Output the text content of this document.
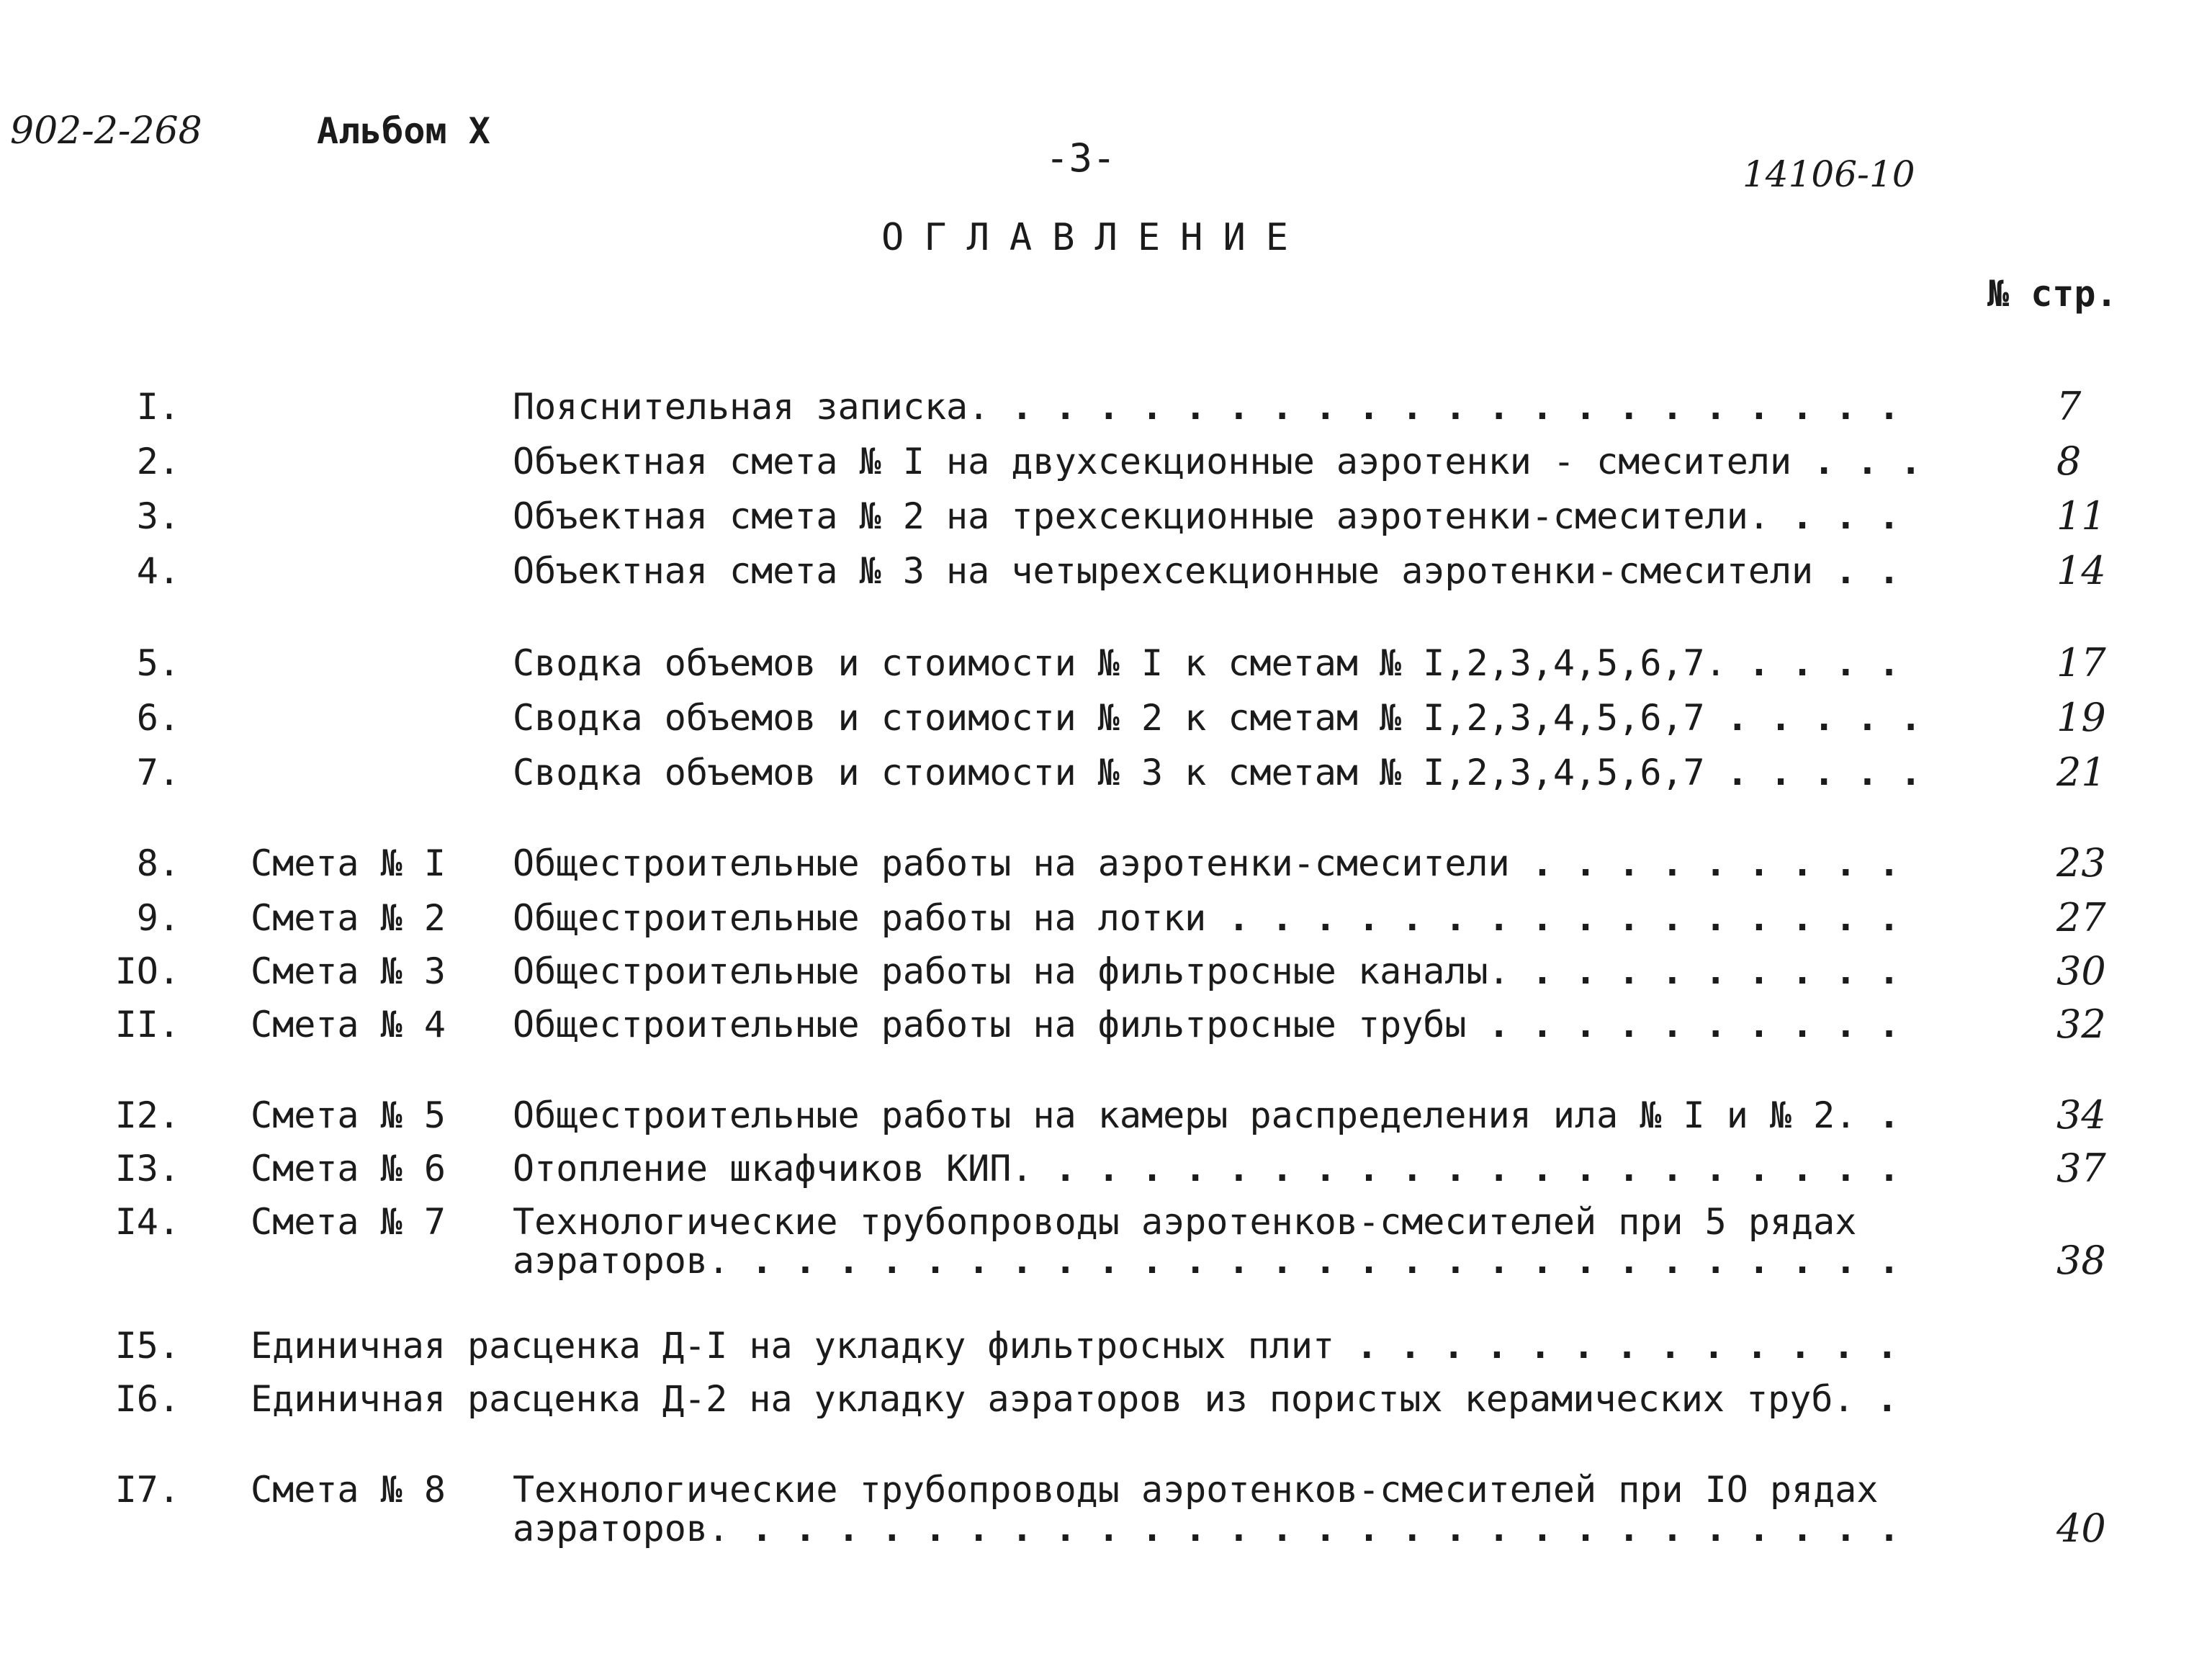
902-2-268	Альбом X
-3-	14106-10
ОГЛАВЛЕНИЕ
№ стр.
I.	Пояснительная записка. . . .	7
2.	Объектная смета № I на двухсекционные аэротенки - смесители . . .	8
3.	Объектная смета № 2 на трехсекционные аэротенки-смесители. . . .	11
4.	Объектная смета № 3 на четырехсекционные аэротенки-смесители . . .	14
5.	Сводка объемов и стоимости № I к сметам № I,2,3,4,5,6,7. . . .	17
6.	Сводка объемов и стоимости № 2 к сметам № I,2,3,4,5,6,7 . . .	19
7.	Сводка объемов и стоимости № 3 к сметам № I,2,3,4,5,6,7 . . .	21
8. Смета № I Общестроительные работы на аэротенки-смесители . . .	23
9. Смета № 2 Общестроительные работы на лотки . . .	27
IO. Смета № 3 Общестроительные работы на фильтросные каналы. . . .	30
II. Смета № 4 Общестроительные работы на фильтросные трубы . . .	32
I2. Смета № 5 Общестроительные работы на камеры распределения ила № I и № 2. . . .	34
I3. Смета № 6 Отопление шкафчиков КИП. . . .	37
I4. Смета № 7 Технологические трубопроводы аэротенков-смесителей при 5 рядах
аэраторов. . . .	38
I5. Единичная расценка Д-I на укладку фильтросных плит . . .
I6. Единичная расценка Д-2 на укладку аэраторов из пористых керамических труб. . . .
I7. Смета № 8 Технологические трубопроводы аэротенков-смесителей при IO рядах
аэраторов. . . .	40
